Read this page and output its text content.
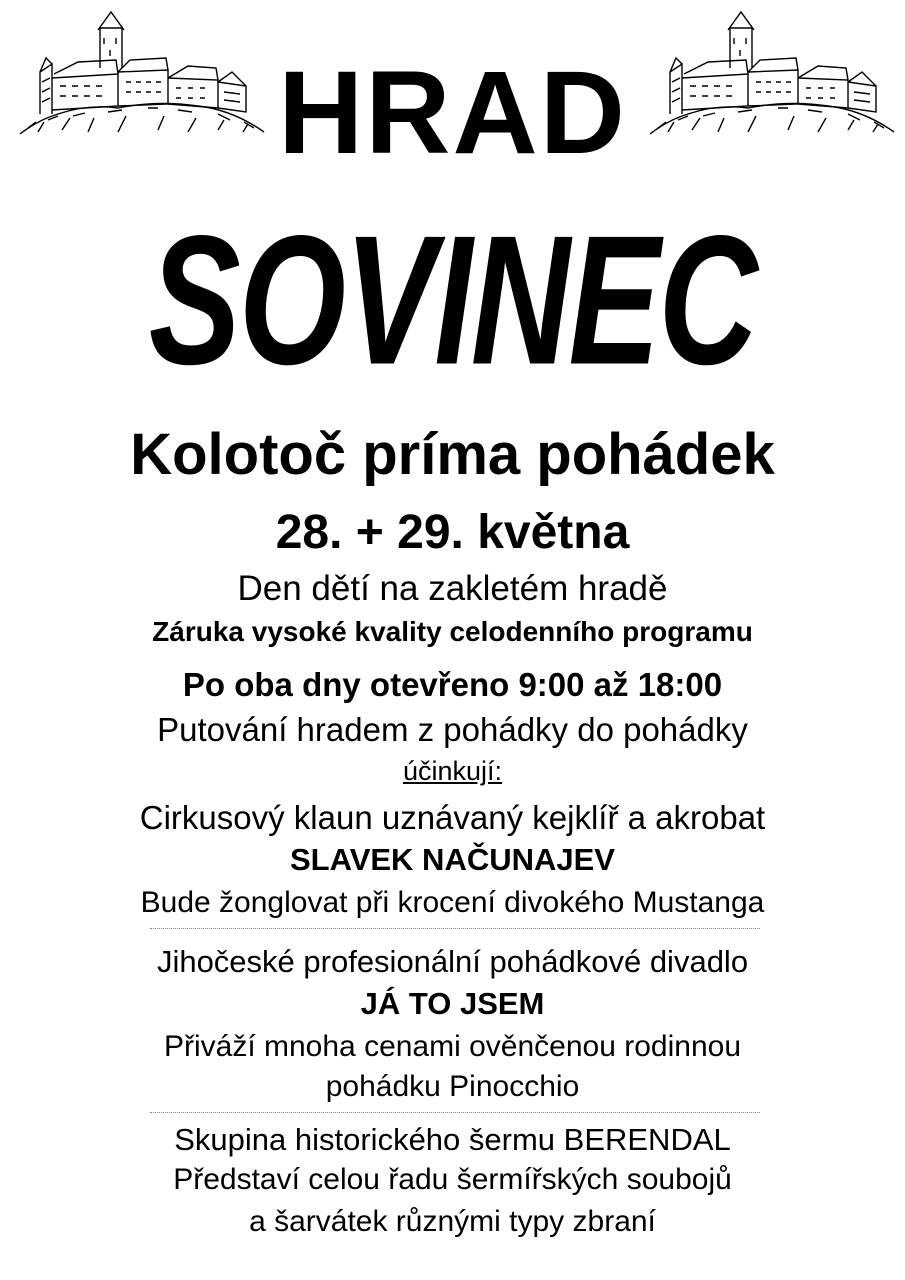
HRAD
SOVINEC
Kolotoč príma pohádek
28. + 29. května
Den dětí na zakletém hradě
Záruka vysoké kvality celodenního programu
Po oba dny otevřeno 9:00 až 18:00
Putování hradem z pohádky do pohádky
účinkují:
Cirkusový klaun uznávaný kejklíř a akrobat
SLAVEK NAČUNAJEV
Bude žonglovat při krocení divokého Mustanga
Jihočeské profesionální pohádkové divadlo
JÁ TO JSEM
Přiváží mnoha cenami ověnčenou rodinnou
pohádku Pinocchio
Skupina historického šermu BERENDAL
Představí celou řadu šermířských soubojů
a šarvátek různými typy zbraní
